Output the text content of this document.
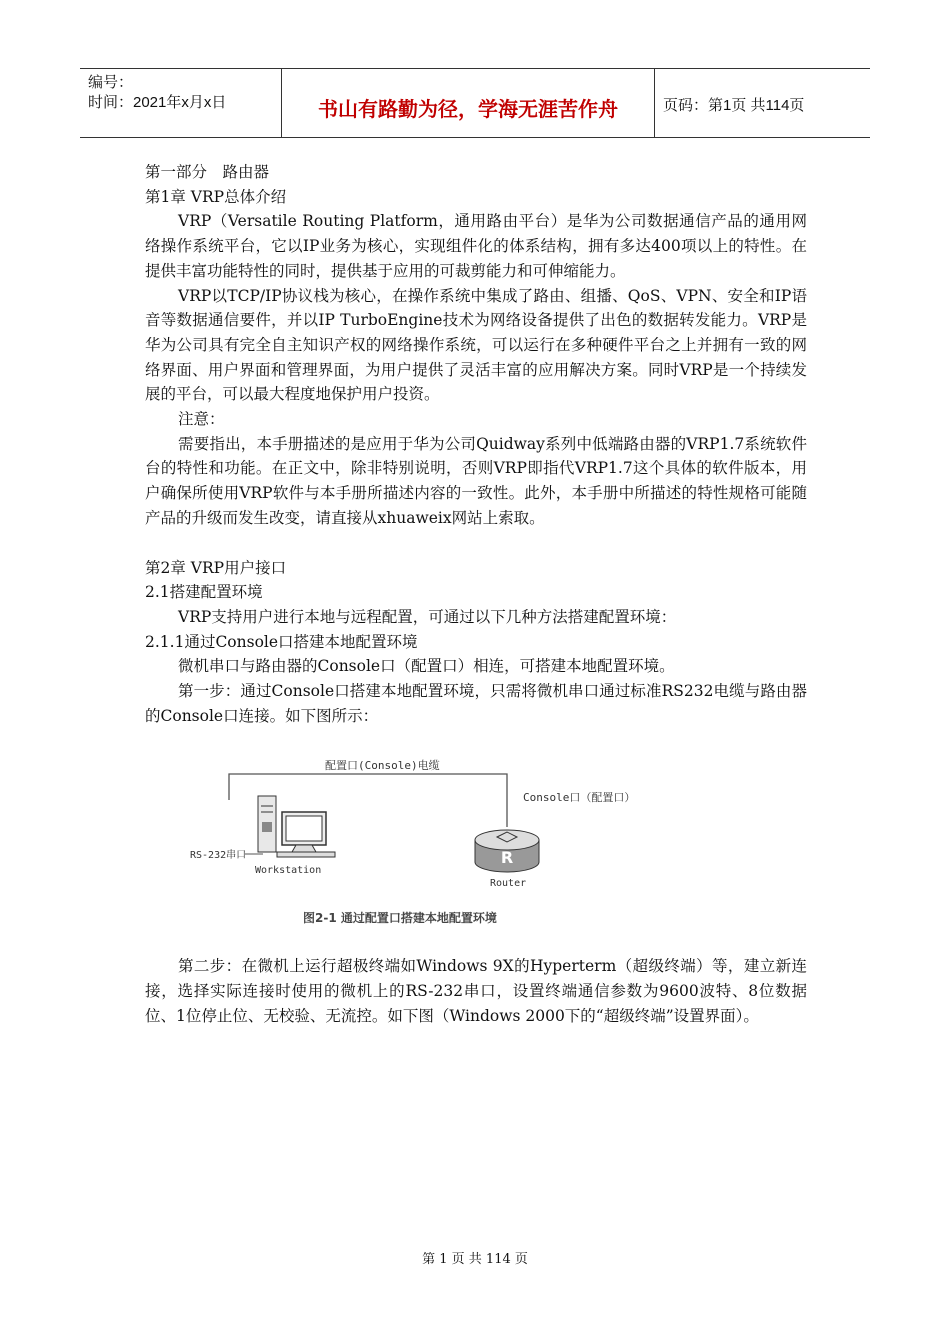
编号：
时间：2021年x月x日	书山有路勤为径，学海无涯苦作舟	页码：第1页 共114页

第一部分　路由器

第1章 VRP总体介绍

VRP（Versatile Routing Platform，通用路由平台）是华为公司数据通信产品的通用网络操作系统平台，它以IP业务为核心，实现组件化的体系结构，拥有多达400项以上的特性。在提供丰富功能特性的同时，提供基于应用的可裁剪能力和可伸缩能力。

VRP以TCP/IP协议栈为核心，在操作系统中集成了路由、组播、QoS、VPN、安全和IP语音等数据通信要件，并以IP TurboEngine技术为网络设备提供了出色的数据转发能力。VRP是华为公司具有完全自主知识产权的网络操作系统，可以运行在多种硬件平台之上并拥有一致的网络界面、用户界面和管理界面，为用户提供了灵活丰富的应用解决方案。同时VRP是一个持续发展的平台，可以最大程度地保护用户投资。

注意：

需要指出，本手册描述的是应用于华为公司Quidway系列中低端路由器的VRP1.7系统软件台的特性和功能。在正文中，除非特别说明，否则VRP即指代VRP1.7这个具体的软件版本，用户确保所使用VRP软件与本手册所描述内容的一致性。此外，本手册中所描述的特性规格可能随产品的升级而发生改变，请直接从xhuaweix网站上索取。

第2章 VRP用户接口

2.1搭建配置环境

VRP支持用户进行本地与远程配置，可通过以下几种方法搭建配置环境：

2.1.1通过Console口搭建本地配置环境

微机串口与路由器的Console口（配置口）相连，可搭建本地配置环境。

第一步：通过Console口搭建本地配置环境，只需将微机串口通过标准RS232电缆与路由器的Console口连接。如下图所示：

第二步：在微机上运行超极终端如Windows 9X的Hyperterm（超级终端）等，建立新连接，选择实际连接时使用的微机上的RS-232串口，设置终端通信参数为9600波特、8位数据位、1位停止位、无校验、无流控。如下图（Windows 2000下的“超级终端”设置界面）。

配置口(Console)电缆
Console口（配置口）
RS-232串口
Workstation
R
Router
图2-1 通过配置口搭建本地配置环境
第 1 页 共 114 页
